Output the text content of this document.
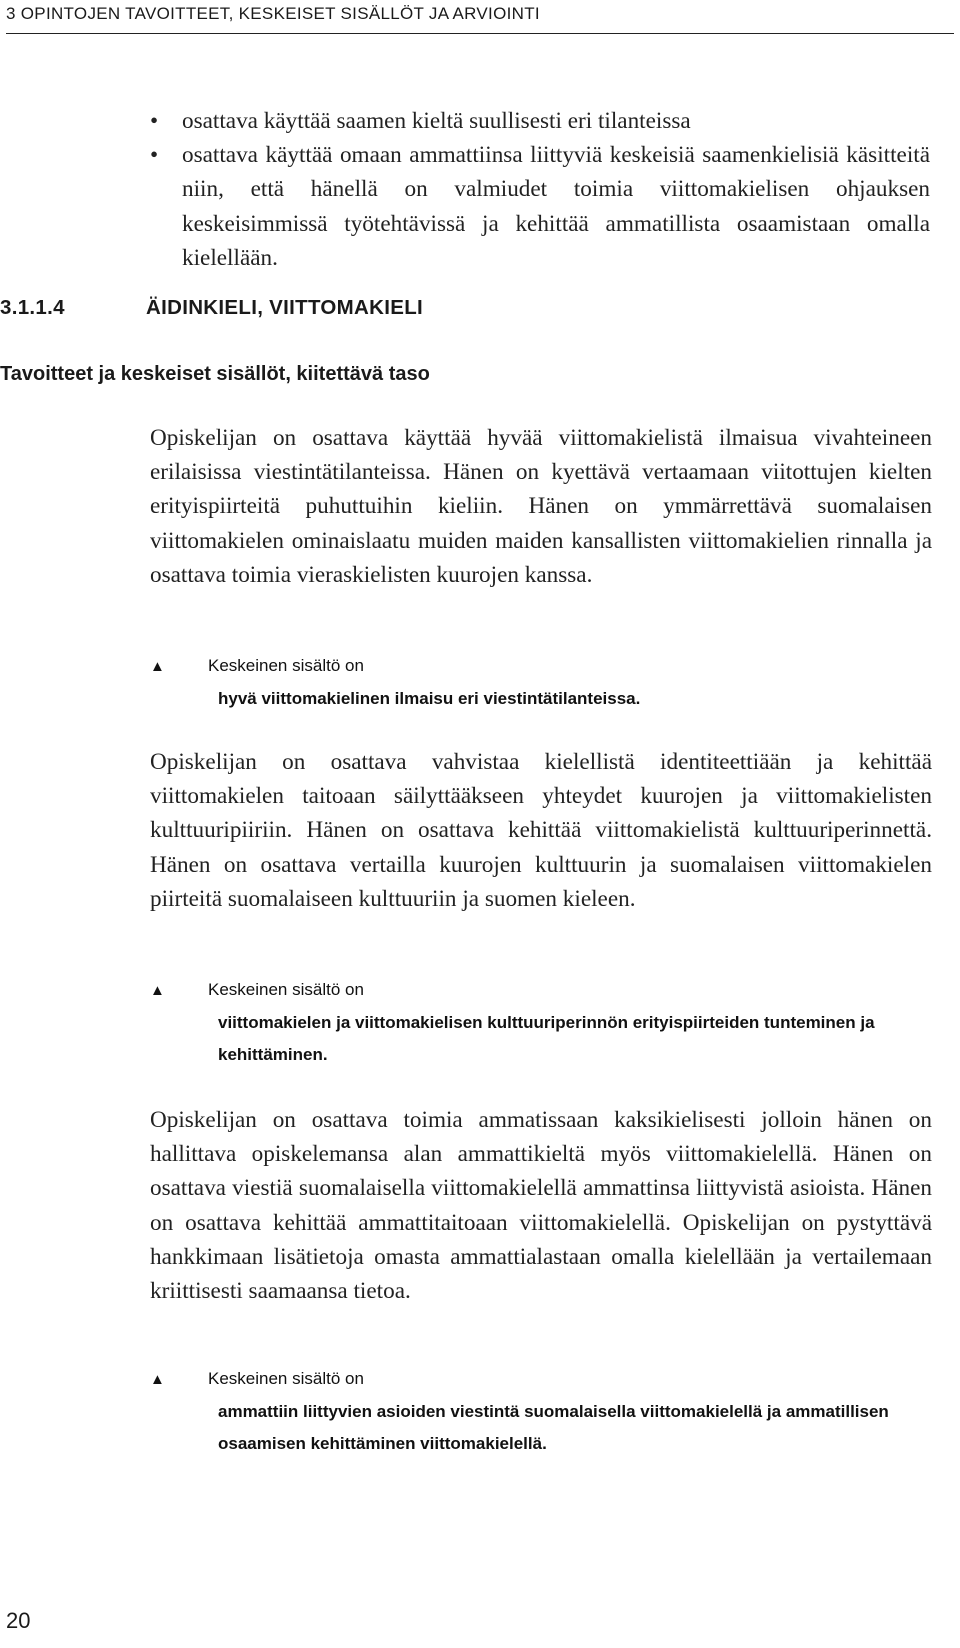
3 OPINTOJEN TAVOITTEET, KESKEISET SISÄLLÖT JA ARVIOINTI
• osattava käyttää saamen kieltä suullisesti eri tilanteissa
• osattava käyttää omaan ammattiinsa liittyviä keskeisiä saamenkielisiä käsitteitä niin, että hänellä on valmiudet toimia viittomakielisen ohjauksen keskeisimmissä työtehtävissä ja kehittää ammatillista osaamistaan omalla kielellään.
3.1.1.4	ÄIDINKIELI, VIITTOMAKIELI
Tavoitteet ja keskeiset sisällöt, kiitettävä taso

Opiskelijan on osattava käyttää hyvää viittomakielistä ilmaisua vivahteineen erilaisissa viestintätilanteissa. Hänen on kyettävä vertaamaan viitottujen kielten erityispiirteitä puhuttuihin kieliin. Hänen on ymmärrettävä suomalaisen viittomakielen ominaislaatu muiden maiden kansallisten viittomakielien rinnalla ja osattava toimia vieraskielisten kuurojen kanssa.

▲	Keskeinen sisältö on
hyvä viittomakielinen ilmaisu eri viestintätilanteissa.

Opiskelijan on osattava vahvistaa kielellistä identiteettiään ja kehittää viittomakielen taitoaan säilyttääkseen yhteydet kuurojen ja viittomakielisten kulttuuripiiriin. Hänen on osattava kehittää viittomakielistä kulttuuriperinnettä. Hänen on osattava vertailla kuurojen kulttuurin ja suomalaisen viittomakielen piirteitä suomalaiseen kulttuuriin ja suomen kieleen.

▲	Keskeinen sisältö on
viittomakielen ja viittomakielisen kulttuuriperinnön erityispiirteiden tunteminen ja kehittäminen.

Opiskelijan on osattava toimia ammatissaan kaksikielisesti jolloin hänen on hallittava opiskelemansa alan ammattikieltä myös viittomakielellä. Hänen on osattava viestiä suomalaisella viittomakielellä ammattinsa liittyvistä asioista. Hänen on osattava kehittää ammattitaitoaan viittomakielellä. Opiskelijan on pystyttävä hankkimaan lisätietoja omasta ammattialastaan omalla kielellään ja vertailemaan kriittisesti saamaansa tietoa.

▲	Keskeinen sisältö on
ammattiin liittyvien asioiden viestintä suomalaisella viittomakielellä ja ammatillisen osaamisen kehittäminen viittomakielellä.
20
